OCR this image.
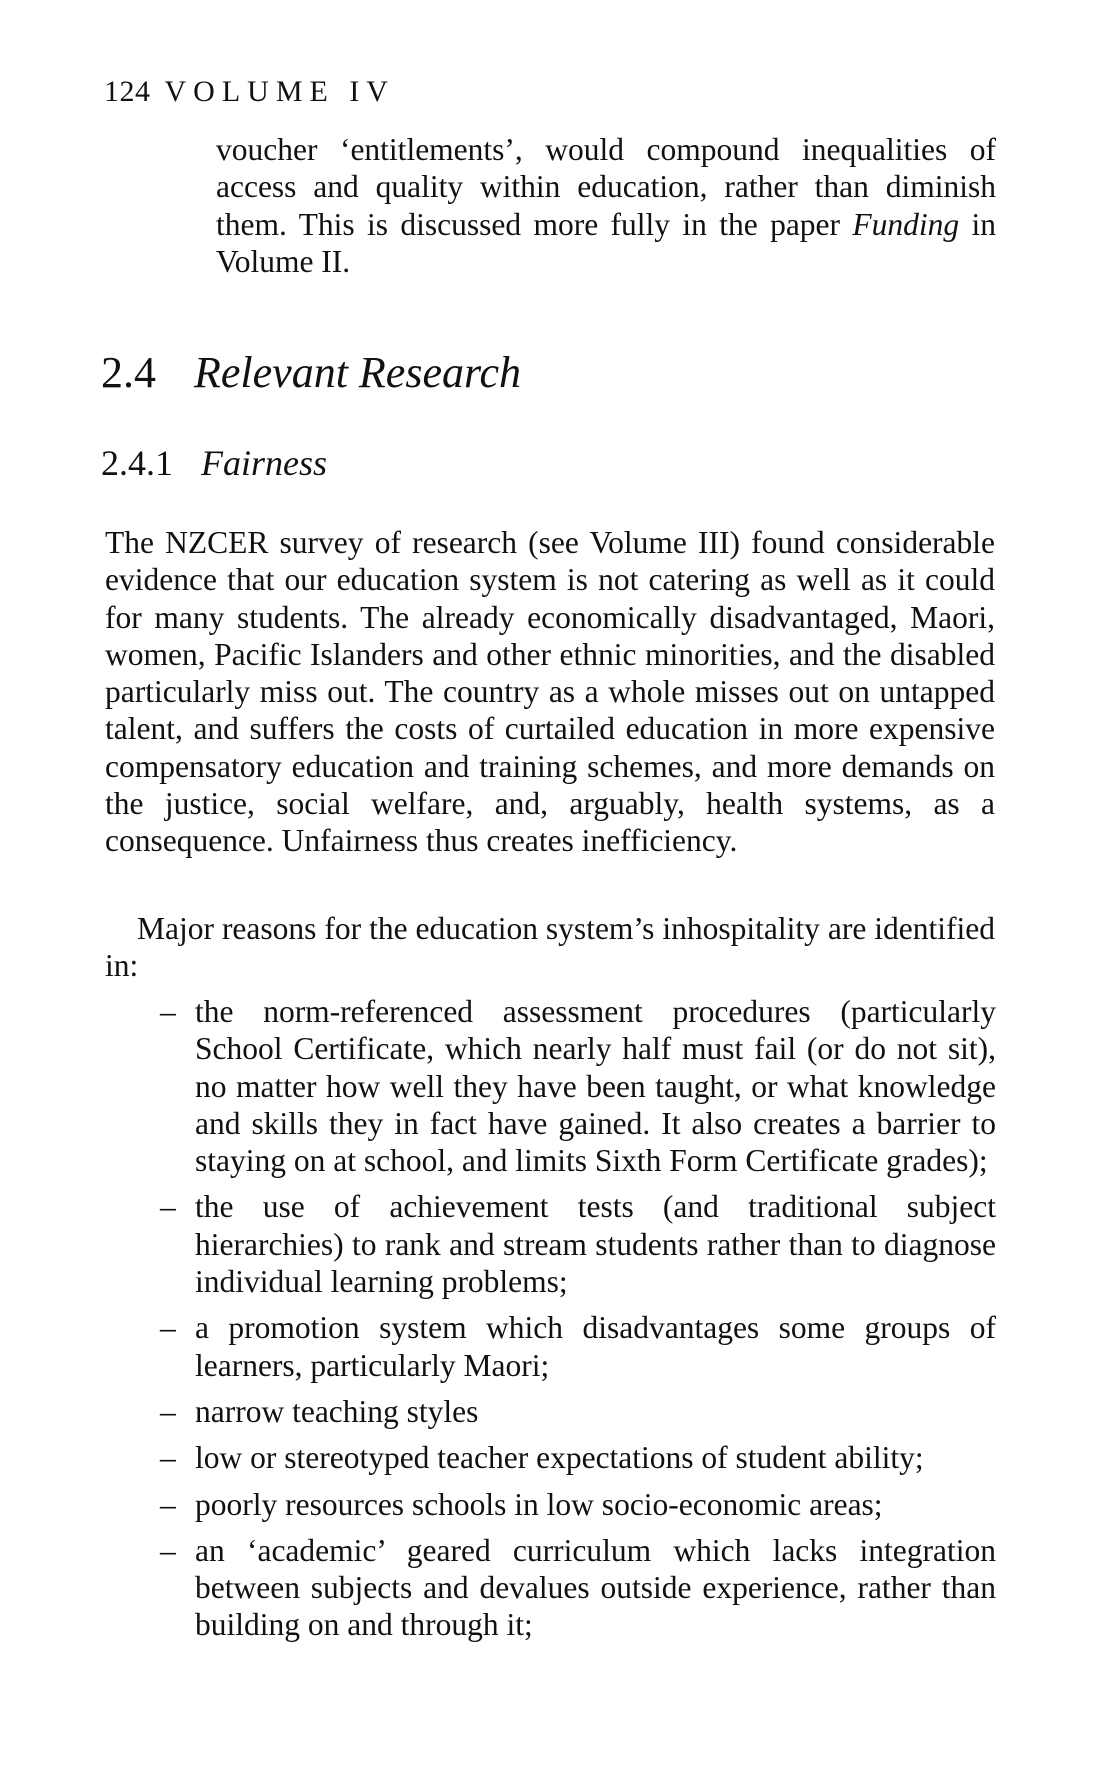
124 VOLUME IV

voucher ‘entitlements’, would compound inequalities of access and quality within education, rather than diminish them. This is discussed more fully in the paper Funding in Volume II.

2.4 Relevant Research
2.4.1 Fairness

The NZCER survey of research (see Volume III) found considerable evidence that our education system is not catering as well as it could for many students. The already economically disadvantaged, Maori, women, Pacific Islanders and other ethnic minorities, and the disabled particularly miss out. The country as a whole misses out on untapped talent, and suffers the costs of curtailed education in more expensive compensatory education and training schemes, and more demands on the justice, social welfare, and, arguably, health systems, as a consequence. Unfairness thus creates inefficiency.

Major reasons for the education system’s inhospitality are identified in:

– the norm-referenced assessment procedures (particularly School Certificate, which nearly half must fail (or do not sit), no matter how well they have been taught, or what knowledge and skills they in fact have gained. It also creates a barrier to staying on at school, and limits Sixth Form Certificate grades);
– the use of achievement tests (and traditional subject hierarchies) to rank and stream students rather than to diagnose individual learning problems;
– a promotion system which disadvantages some groups of learners, particularly Maori;
– narrow teaching styles
– low or stereotyped teacher expectations of student ability;
– poorly resources schools in low socio-economic areas;
– an ‘academic’ geared curriculum which lacks integration between subjects and devalues outside experience, rather than building on and through it;
